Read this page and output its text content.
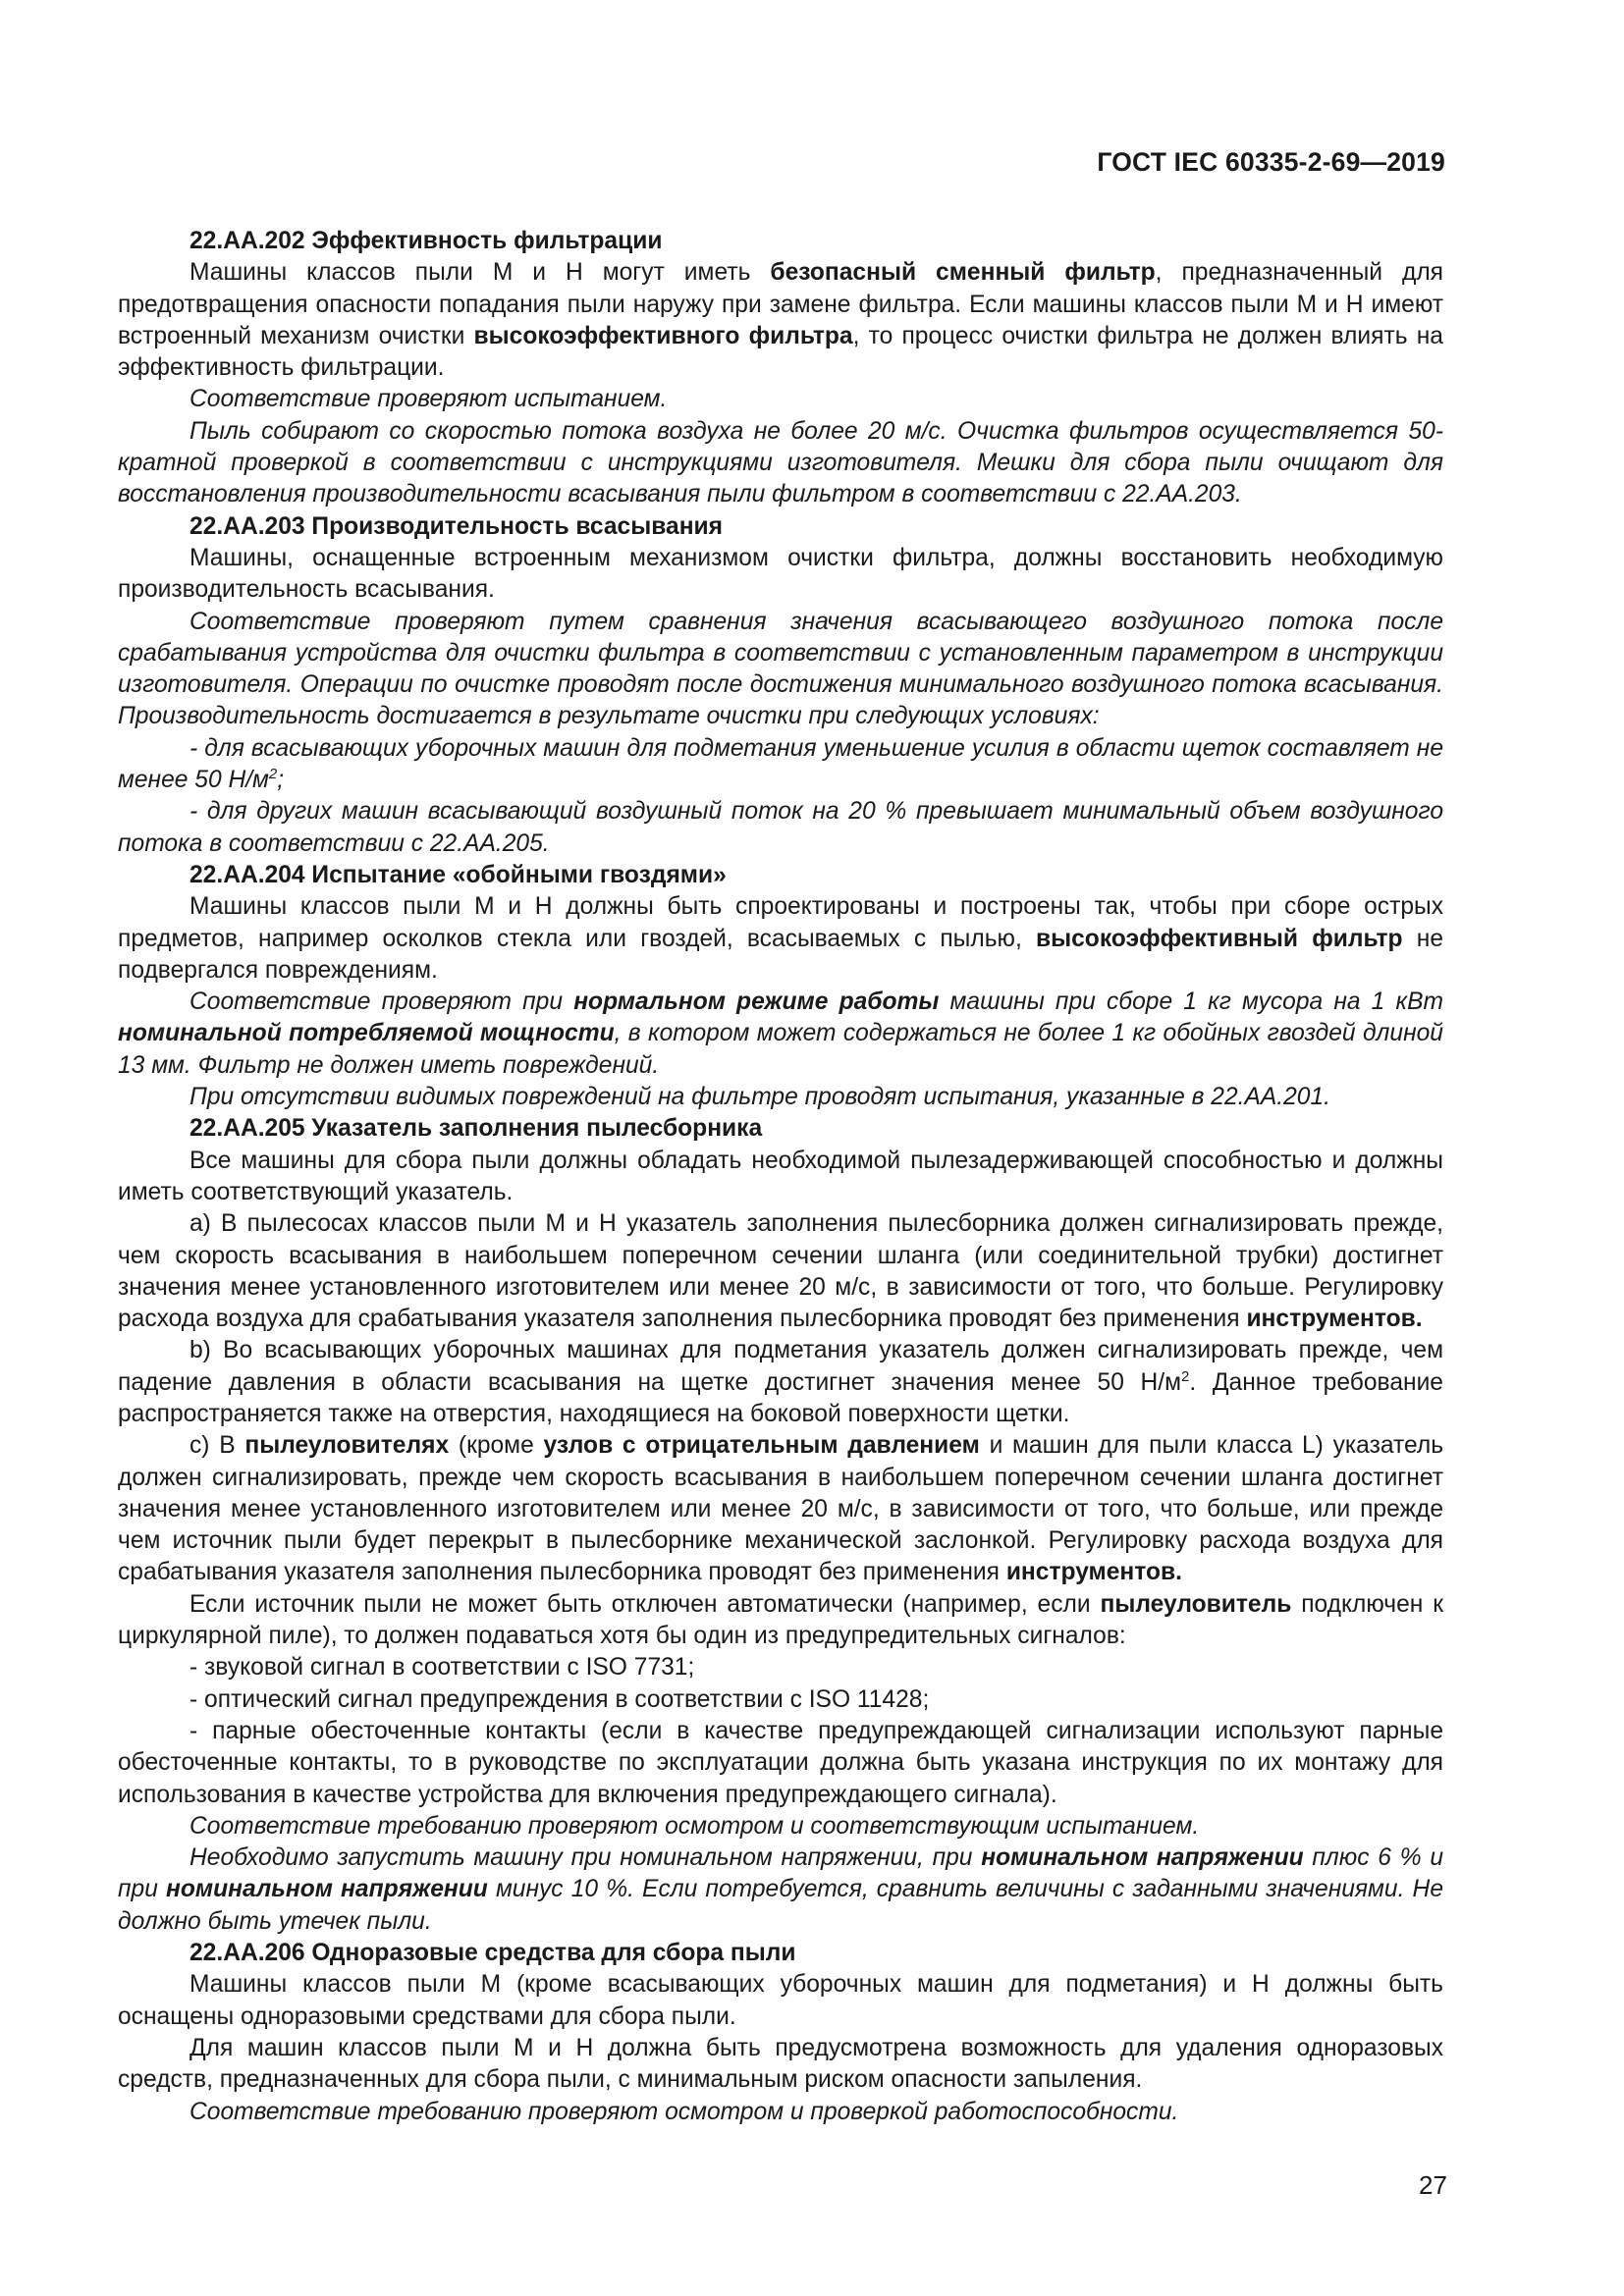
ГОСТ IEC 60335-2-69—2019
22.AA.202 Эффективность фильтрации
Машины классов пыли М и Н могут иметь безопасный сменный фильтр, предназначенный для предотвращения опасности попадания пыли наружу при замене фильтра. Если машины классов пыли М и Н имеют встроенный механизм очистки высокоэффективного фильтра, то процесс очистки фильтра не должен влиять на эффективность фильтрации.
Соответствие проверяют испытанием.
Пыль собирают со скоростью потока воздуха не более 20 м/с. Очистка фильтров осуществляется 50-кратной проверкой в соответствии с инструкциями изготовителя. Мешки для сбора пыли очищают для восстановления производительности всасывания пыли фильтром в соответствии с 22.АА.203.
22.AA.203 Производительность всасывания
Машины, оснащенные встроенным механизмом очистки фильтра, должны восстановить необходимую производительность всасывания.
Соответствие проверяют путем сравнения значения всасывающего воздушного потока после срабатывания устройства для очистки фильтра в соответствии с установленным параметром в инструкции изготовителя. Операции по очистке проводят после достижения минимального воздушного потока всасывания. Производительность достигается в результате очистки при следующих условиях:
- для всасывающих уборочных машин для подметания уменьшение усилия в области щеток составляет не менее 50 $Н/м^2$;
- для других машин всасывающий воздушный поток на 20 % превышает минимальный объем воздушного потока в соответствии с 22.АА.205.
22.AA.204 Испытание «обойными гвоздями»
Машины классов пыли М и Н должны быть спроектированы и построены так, чтобы при сборе острых предметов, например осколков стекла или гвоздей, всасываемых с пылью, высокоэффективный фильтр не подвергался повреждениям.
Соответствие проверяют при нормальном режиме работы машины при сборе 1 кг мусора на 1 кВт номинальной потребляемой мощности, в котором может содержаться не более 1 кг обойных гвоздей длиной 13 мм. Фильтр не должен иметь повреждений.
При отсутствии видимых повреждений на фильтре проводят испытания, указанные в 22.АА.201.
22.AA.205 Указатель заполнения пылесборника
Все машины для сбора пыли должны обладать необходимой пылезадерживающей способностью и должны иметь соответствующий указатель.
a) В пылесосах классов пыли М и Н указатель заполнения пылесборника должен сигнализировать прежде, чем скорость всасывания в наибольшем поперечном сечении шланга (или соединительной трубки) достигнет значения менее установленного изготовителем или менее 20 м/с, в зависимости от того, что больше. Регулировку расхода воздуха для срабатывания указателя заполнения пылесборника проводят без применения инструментов.
b) Во всасывающих уборочных машинах для подметания указатель должен сигнализировать прежде, чем падение давления в области всасывания на щетке достигнет значения менее 50 $Н/м^2$. Данное требование распространяется также на отверстия, находящиеся на боковой поверхности щетки.
c) В пылеуловителях (кроме узлов с отрицательным давлением и машин для пыли класса L) указатель должен сигнализировать, прежде чем скорость всасывания в наибольшем поперечном сечении шланга достигнет значения менее установленного изготовителем или менее 20 м/с, в зависимости от того, что больше, или прежде чем источник пыли будет перекрыт в пылесборнике механической заслонкой. Регулировку расхода воздуха для срабатывания указателя заполнения пылесборника проводят без применения инструментов.
Если источник пыли не может быть отключен автоматически (например, если пылеуловитель подключен к циркулярной пиле), то должен подаваться хотя бы один из предупредительных сигналов:
- звуковой сигнал в соответствии с ISO 7731;
- оптический сигнал предупреждения в соответствии с ISO 11428;
- парные обесточенные контакты (если в качестве предупреждающей сигнализации используют парные обесточенные контакты, то в руководстве по эксплуатации должна быть указана инструкция по их монтажу для использования в качестве устройства для включения предупреждающего сигнала).
Соответствие требованию проверяют осмотром и соответствующим испытанием.
Необходимо запустить машину при номинальном напряжении, при номинальном напряжении плюс 6 % и при номинальном напряжении минус 10 %. Если потребуется, сравнить величины с заданными значениями. Не должно быть утечек пыли.
22.AA.206 Одноразовые средства для сбора пыли
Машины классов пыли М (кроме всасывающих уборочных машин для подметания) и Н должны быть оснащены одноразовыми средствами для сбора пыли.
Для машин классов пыли М и Н должна быть предусмотрена возможность для удаления одноразовых средств, предназначенных для сбора пыли, с минимальным риском опасности запыления.
Соответствие требованию проверяют осмотром и проверкой работоспособности.
27
